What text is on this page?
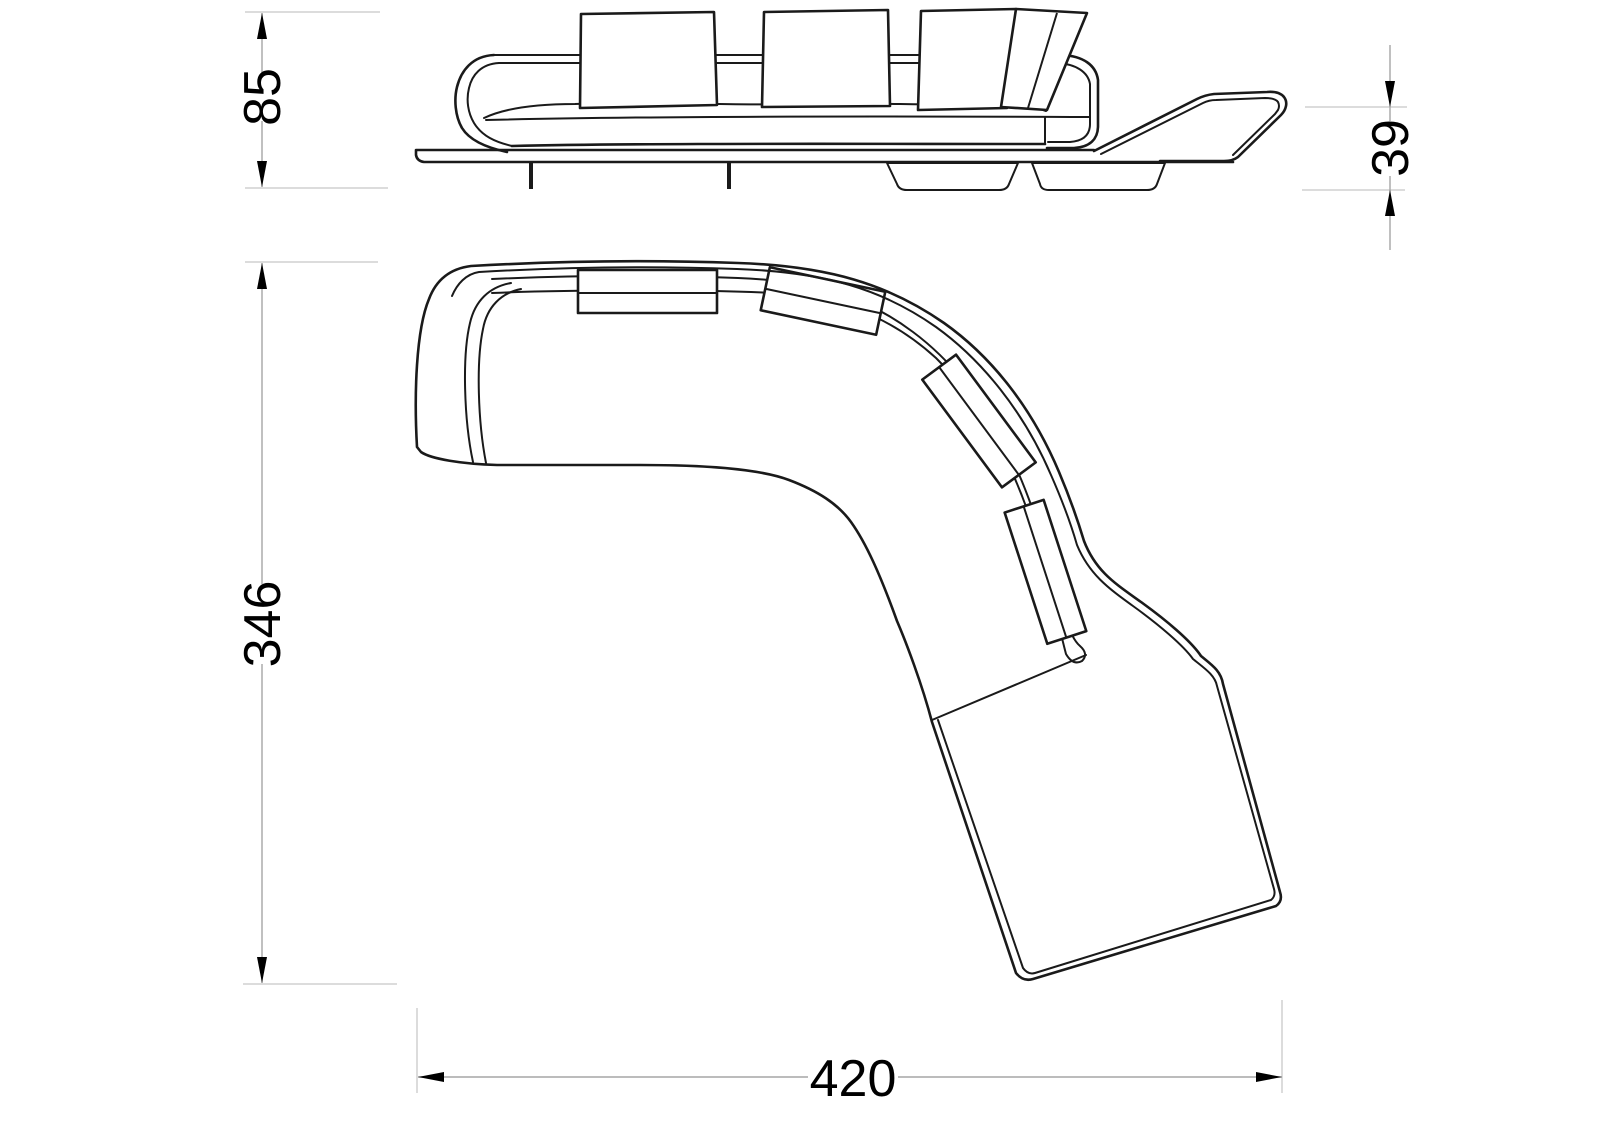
85
39
346
420
